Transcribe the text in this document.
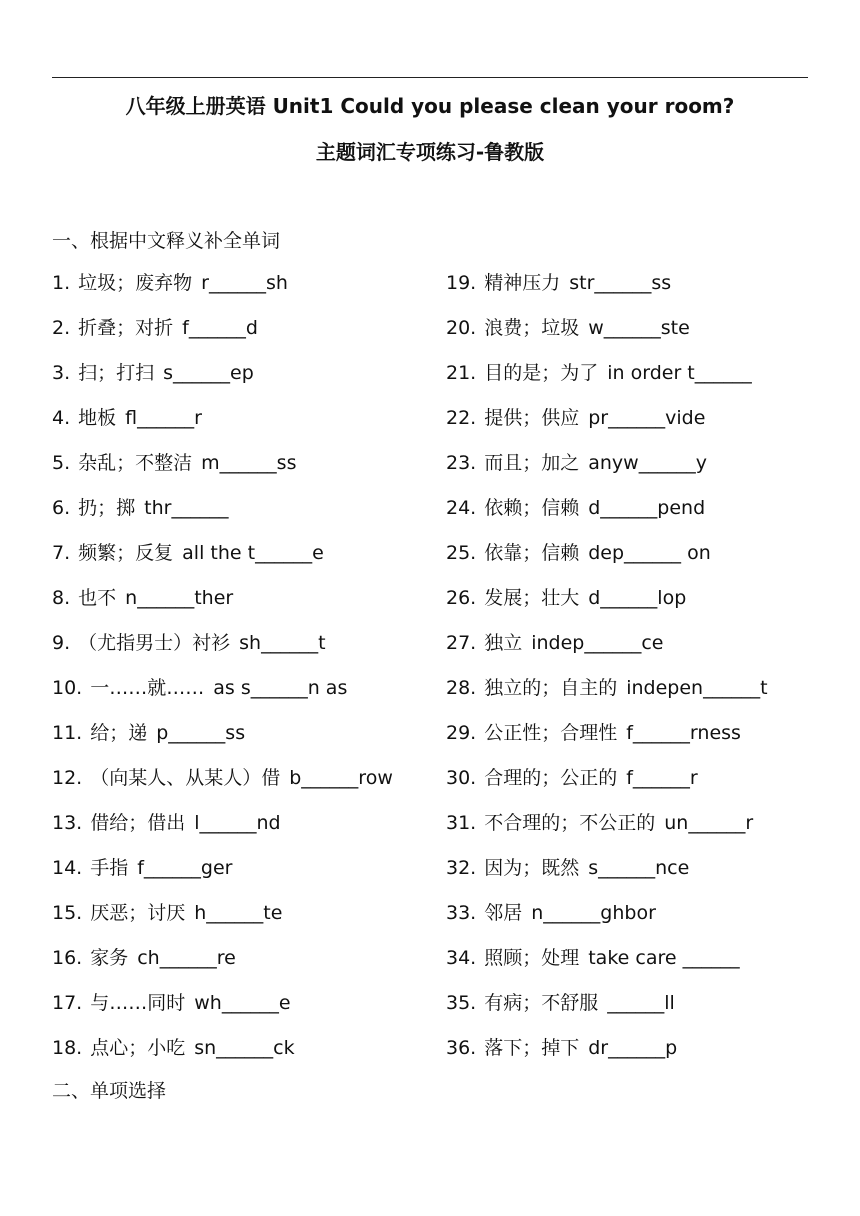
八年级上册英语 Unit1 Could you please clean your room?
主题词汇专项练习-鲁教版
一、根据中文释义补全单词
1. 垃圾；废弃物 r______sh
2. 折叠；对折 f______d
3. 扫；打扫 s______ep
4. 地板 fl______r
5. 杂乱；不整洁 m______ss
6. 扔；掷 thr______
7. 频繁；反复 all the t______e
8. 也不 n______ther
9. （尤指男士）衬衫 sh______t
10. 一……就…… as s______n as
11. 给；递 p______ss
12. （向某人、从某人）借 b______row
13. 借给；借出 l______nd
14. 手指 f______ger
15. 厌恶；讨厌 h______te
16. 家务 ch______re
17. 与……同时 wh______e
18. 点心；小吃 sn______ck
19. 精神压力 str______ss
20. 浪费；垃圾 w______ste
21. 目的是；为了 in order t______
22. 提供；供应 pr______vide
23. 而且；加之 anyw______y
24. 依赖；信赖 d______pend
25. 依靠；信赖 dep______ on
26. 发展；壮大 d______lop
27. 独立 indep______ce
28. 独立的；自主的 indepen______t
29. 公正性；合理性 f______rness
30. 合理的；公正的 f______r
31. 不合理的；不公正的 un______r
32. 因为；既然 s______nce
33. 邻居 n______ghbor
34. 照顾；处理 take care ______
35. 有病；不舒服 ______ll
36. 落下；掉下 dr______p
二、单项选择
